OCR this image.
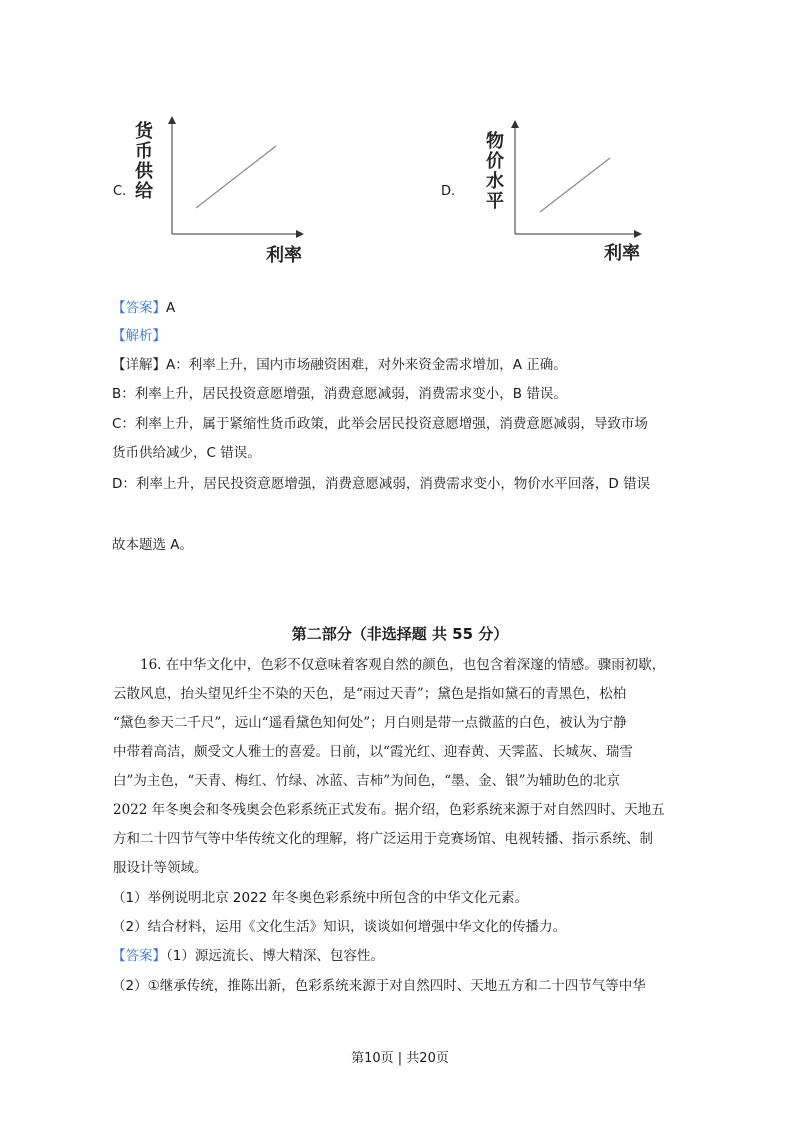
C.
货
币
供
给
利率
D.
物
价
水
平
利率
【答案】A
【解析】
【详解】A：利率上升，国内市场融资困难，对外来资金需求增加，A 正确。
B：利率上升，居民投资意愿增强，消费意愿减弱，消费需求变小，B 错误。
C：利率上升，属于紧缩性货币政策，此举会居民投资意愿增强，消费意愿减弱，导致市场
货币供给减少，C 错误。
D：利率上升，居民投资意愿增强，消费意愿减弱，消费需求变小，物价水平回落，D 错误
故本题选 A。
第二部分（非选择题 共 55 分）
16. 在中华文化中，色彩不仅意味着客观自然的颜色，也包含着深邃的情感。骤雨初歇，
云散风息，抬头望见纤尘不染的天色，是“雨过天青”；黛色是指如黛石的青黑色，松柏
“黛色参天二千尺”，远山“遥看黛色知何处”；月白则是带一点微蓝的白色，被认为宁静
中带着高洁，颇受文人雅士的喜爱。日前，以“霞光红、迎春黄、天霁蓝、长城灰、瑞雪
白”为主色，“天青、梅红、竹绿、冰蓝、吉柿”为间色，“墨、金、银”为辅助色的北京
2022 年冬奥会和冬残奥会色彩系统正式发布。据介绍，色彩系统来源于对自然四时、天地五
方和二十四节气等中华传统文化的理解，将广泛运用于竞赛场馆、电视转播、指示系统、制
服设计等领域。
（1）举例说明北京 2022 年冬奥色彩系统中所包含的中华文化元素。
（2）结合材料，运用《文化生活》知识，谈谈如何增强中华文化的传播力。
【答案】（1）源远流长、博大精深、包容性。
（2）①继承传统，推陈出新，色彩系统来源于对自然四时、天地五方和二十四节气等中华
第10页 | 共20页
